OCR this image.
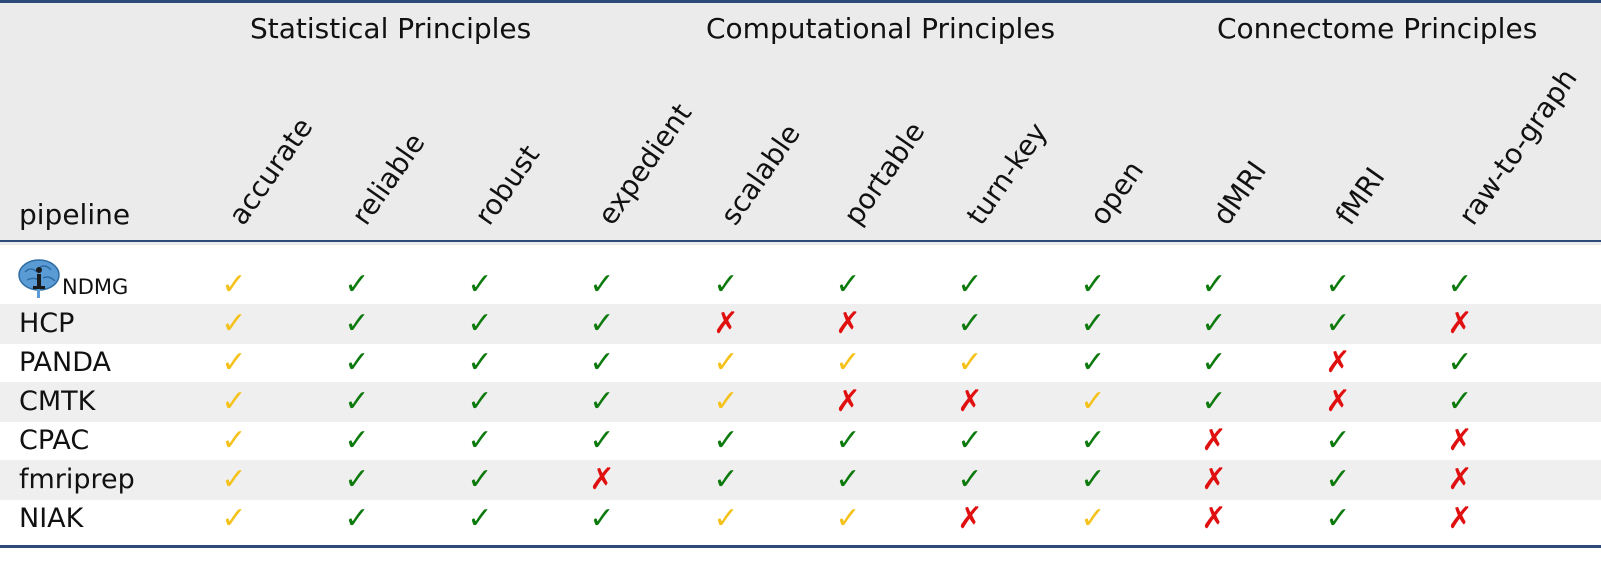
Statistical Principles	Computational Principles	Connectome Principles
pipeline	accurate reliable robust expedient scalable portable turn-key open dMRI fMRI raw-to-graph
NDMG	✓	✓	✓	✓	✓	✓	✓	✓	✓	✓	✓
HCP	✓	✓	✓	✓	✗	✗	✓	✓	✓	✓	✗
PANDA	✓	✓	✓	✓	✓	✓	✓	✓	✓	✗	✓
CMTK	✓	✓	✓	✓	✓	✗	✗	✓	✓	✗	✓
CPAC	✓	✓	✓	✓	✓	✓	✓	✓	✗	✓	✗
fmriprep	✓	✓	✓	✗	✓	✓	✓	✓	✗	✓	✗
NIAK	✓	✓	✓	✓	✓	✓	✗	✓	✗	✓	✗
